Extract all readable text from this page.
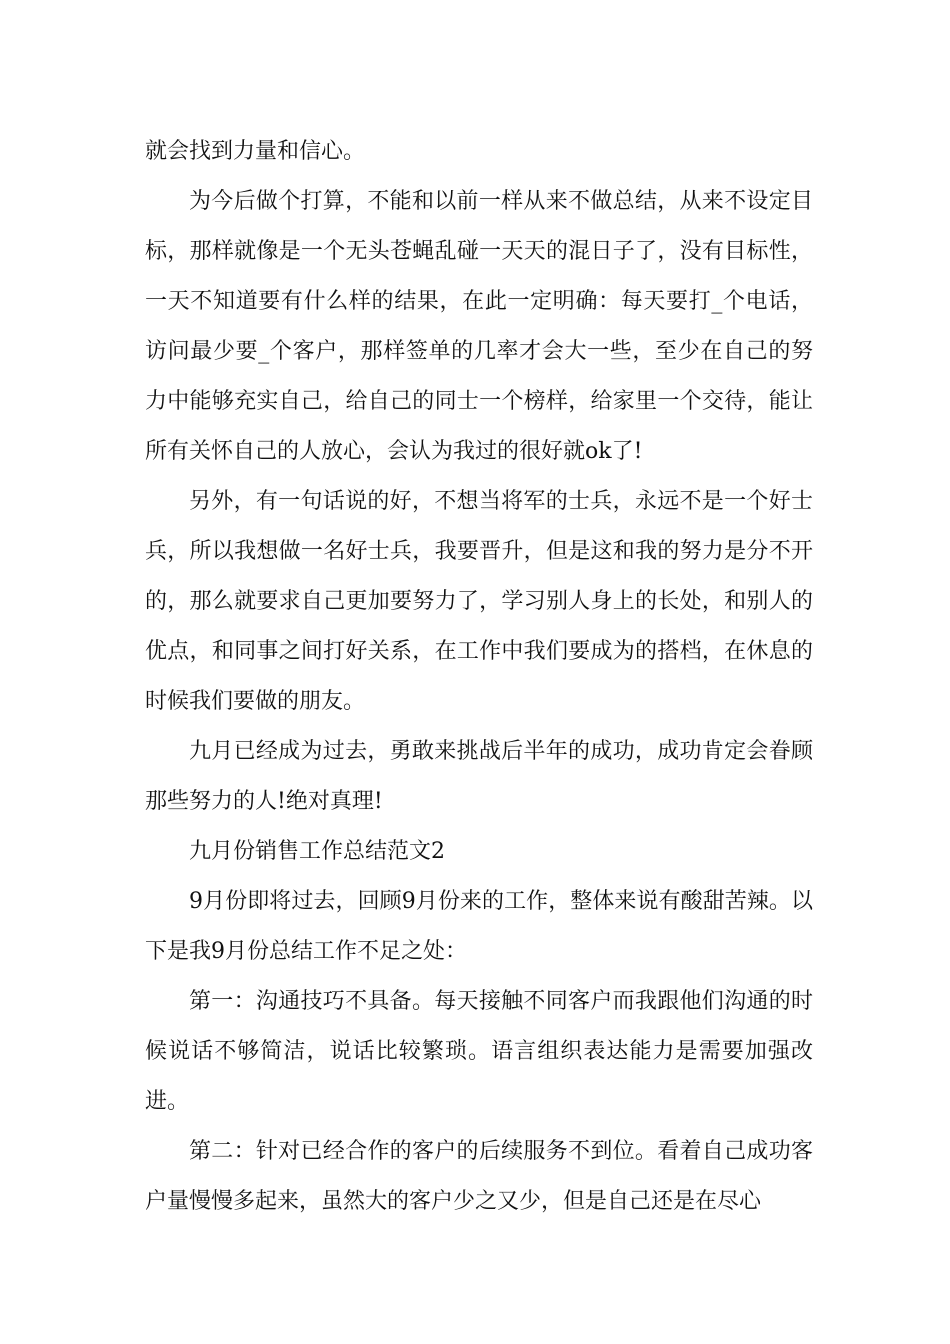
就会找到力量和信心。

为今后做个打算，不能和以前一样从来不做总结，从来不设定目标，那样就像是一个无头苍蝇乱碰一天天的混日子了，没有目标性，一天不知道要有什么样的结果，在此一定明确：每天要打_个电话，访问最少要_个客户，那样签单的几率才会大一些，至少在自己的努力中能够充实自己，给自己的同士一个榜样，给家里一个交待，能让所有关怀自己的人放心，会认为我过的很好就ok了!

另外，有一句话说的好，不想当将军的士兵，永远不是一个好士兵，所以我想做一名好士兵，我要晋升，但是这和我的努力是分不开的，那么就要求自己更加要努力了，学习别人身上的长处，和别人的优点，和同事之间打好关系，在工作中我们要成为的搭档，在休息的时候我们要做的朋友。

九月已经成为过去，勇敢来挑战后半年的成功，成功肯定会眷顾那些努力的人!绝对真理!

九月份销售工作总结范文2

9月份即将过去，回顾9月份来的工作，整体来说有酸甜苦辣。以下是我9月份总结工作不足之处：

第一：沟通技巧不具备。每天接触不同客户而我跟他们沟通的时候说话不够简洁，说话比较繁琐。语言组织表达能力是需要加强改进。

第二：针对已经合作的客户的后续服务不到位。看着自己成功客户量慢慢多起来，虽然大的客户少之又少，但是自己还是在尽心
